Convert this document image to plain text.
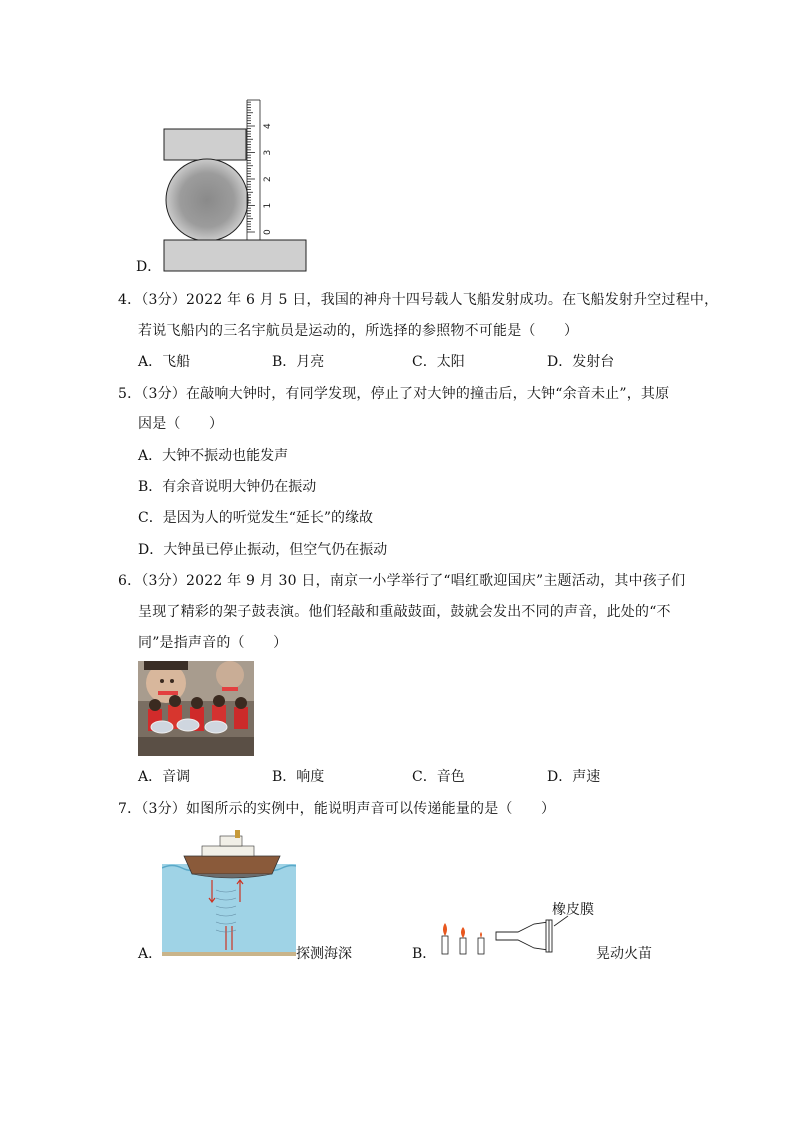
D．
0
1
2
3
4
4．（3分）2022 年 6 月 5 日，我国的神舟十四号载人飞船发射成功。在飞船发射升空过程中，
若说飞船内的三名宇航员是运动的，所选择的参照物不可能是（　　）
A．飞船	B．月亮	C．太阳	D．发射台
5．（3分）在敲响大钟时，有同学发现，停止了对大钟的撞击后，大钟“余音未止”，其原
因是（　　）
A．大钟不振动也能发声
B．有余音说明大钟仍在振动
C．是因为人的听觉发生“延长”的缘故
D．大钟虽已停止振动，但空气仍在振动
6．（3分）2022 年 9 月 30 日，南京一小学举行了“唱红歌迎国庆”主题活动，其中孩子们
呈现了精彩的架子鼓表演。他们轻敲和重敲鼓面，鼓就会发出不同的声音，此处的“不
同”是指声音的（　　）
A．音调	B．响度	C．音色	D．声速
7．（3分）如图所示的实例中，能说明声音可以传递能量的是（　　）
A．	探测海深	B．
橡皮膜
晃动火苗
